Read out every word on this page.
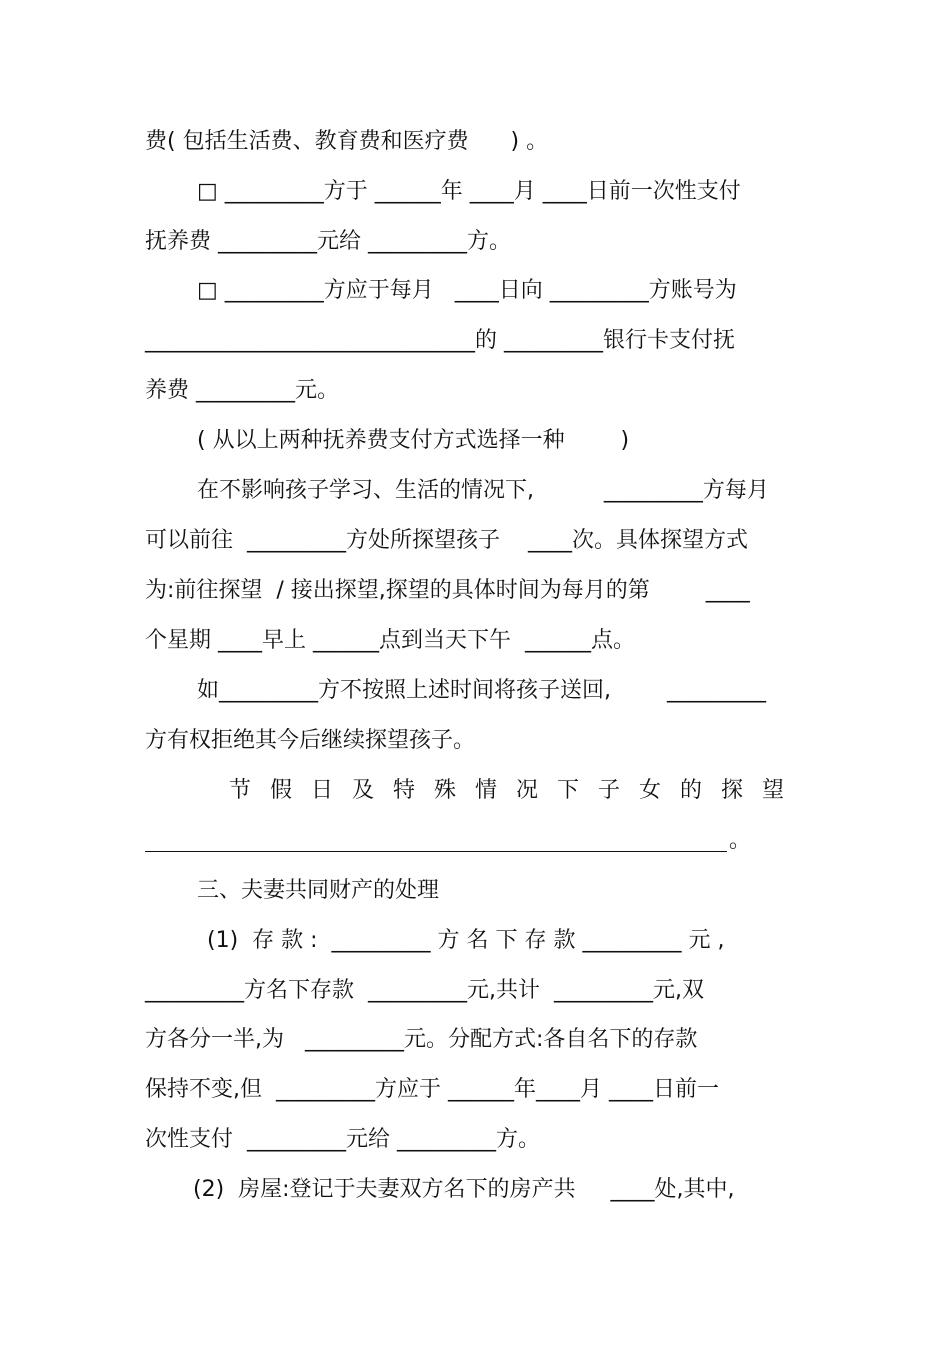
费( 包括生活费、教育费和医疗费      ) 。
□ _________方于 ______年 ____月 ____日前一次性支付
抚养费 _________元给 _________方。
□ _________方应于每月   ____日向 _________方账号为
______________________________的 _________银行卡支付抚
养费 _________元。
( 从以上两种抚养费支付方式选择一种        )
在不影响孩子学习、生活的情况下,          _________方每月
可以前往  _________方处所探望孩子    ____次。具体探望方式
为:前往探望  / 接出探望,探望的具体时间为每月的第        ____
个星期 ____早上 ______点到当天下午  ______点。
如_________方不按照上述时间将孩子送回,        _________
方有权拒绝其今后继续探望孩子。
节假日及特殊情况下子女的探望
。
三、夫妻共同财产的处理
(1)  存 款 :  _________ 方 名 下 存 款 _________ 元 ,
_________方名下存款  _________元,共计  _________元,双
方各分一半,为   _________元。分配方式:各自名下的存款
保持不变,但  _________方应于 ______年____月 ____日前一
次性支付  _________元给 _________方。
(2)  房屋:登记于夫妻双方名下的房产共     ____处,其中,
